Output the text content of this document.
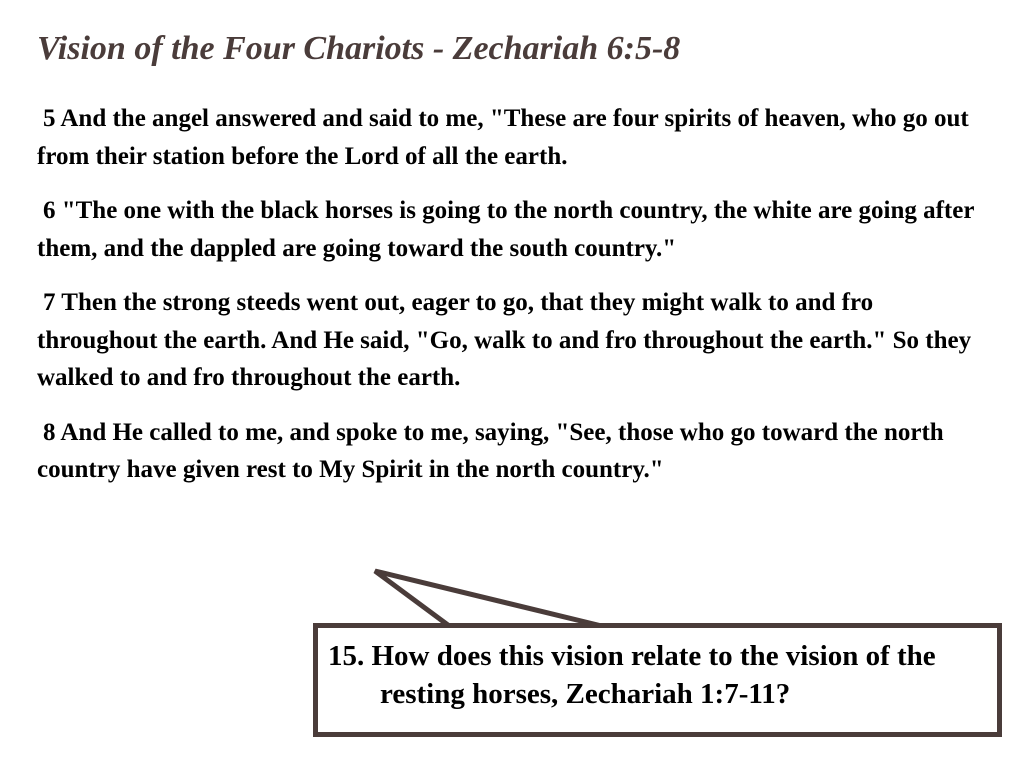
Vision of the Four Chariots - Zechariah 6:5-8

5 And the angel answered and said to me, "These are four spirits of heaven, who go out from their station before the Lord of all the earth.

6 "The one with the black horses is going to the north country, the white are going after them, and the dappled are going toward the south country."

7 Then the strong steeds went out, eager to go, that they might walk to and fro throughout the earth. And He said, "Go, walk to and fro throughout the earth." So they walked to and fro throughout the earth.

8 And He called to me, and spoke to me, saying, "See, those who go toward the north country have given rest to My Spirit in the north country."

15. How does this vision relate to the vision of the resting horses, Zechariah 1:7-11?
